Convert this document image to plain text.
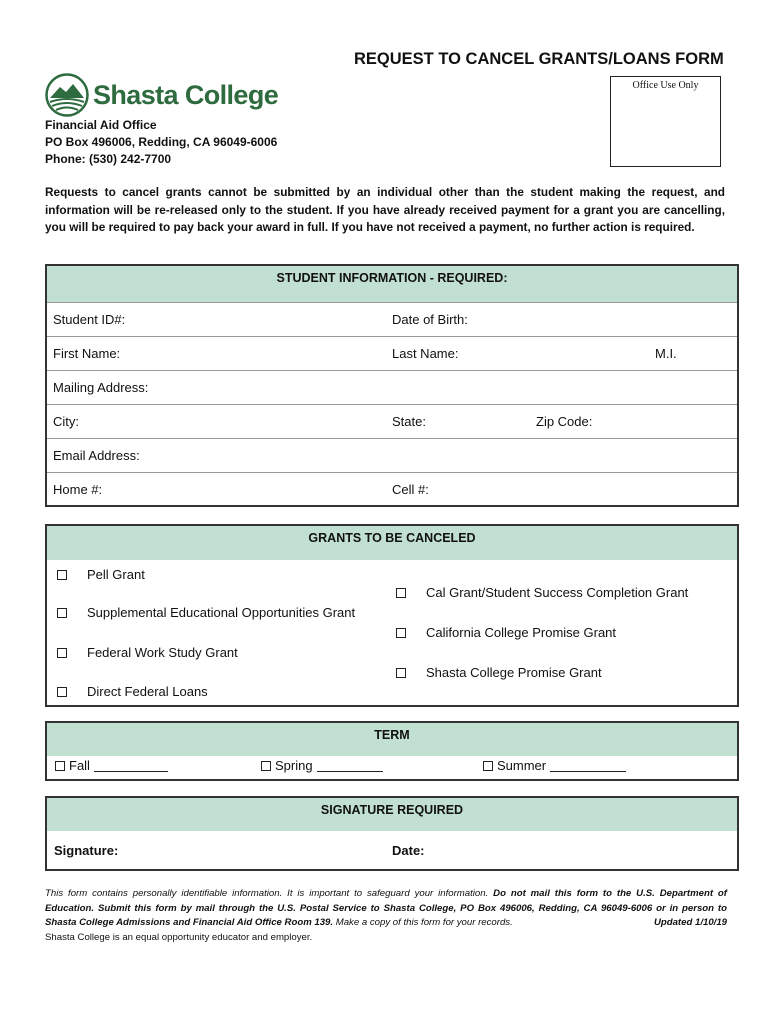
REQUEST TO CANCEL GRANTS/LOANS FORM
Office Use Only
Shasta College
Financial Aid Office
PO Box 496006, Redding, CA 96049-6006
Phone: (530) 242-7700
Requests to cancel grants cannot be submitted by an individual other than the student making the request, and information will be re-released only to the student. If you have already received payment for a grant you are cancelling, you will be required to pay back your award in full. If you have not received a payment, no further action is required.
STUDENT INFORMATION - REQUIRED:
Student ID#:	Date of Birth:
First Name:	Last Name:	M.I.
Mailing Address:
City:	State:	Zip Code:
Email Address:
Home #:	Cell #:
GRANTS TO BE CANCELED
Pell Grant
Supplemental Educational Opportunities Grant
Federal Work Study Grant
Direct Federal Loans
Cal Grant/Student Success Completion Grant
California College Promise Grant
Shasta College Promise Grant
TERM
Fall	Spring	Summer
SIGNATURE REQUIRED
Signature:	Date:
This form contains personally identifiable information. It is important to safeguard your information. Do not mail this form to the U.S. Department of Education. Submit this form by mail through the U.S. Postal Service to Shasta College, PO Box 496006, Redding, CA 96049-6006 or in person to Shasta College Admissions and Financial Aid Office Room 139. Make a copy of this form for your records.	Updated 1/10/19
Shasta College is an equal opportunity educator and employer.
